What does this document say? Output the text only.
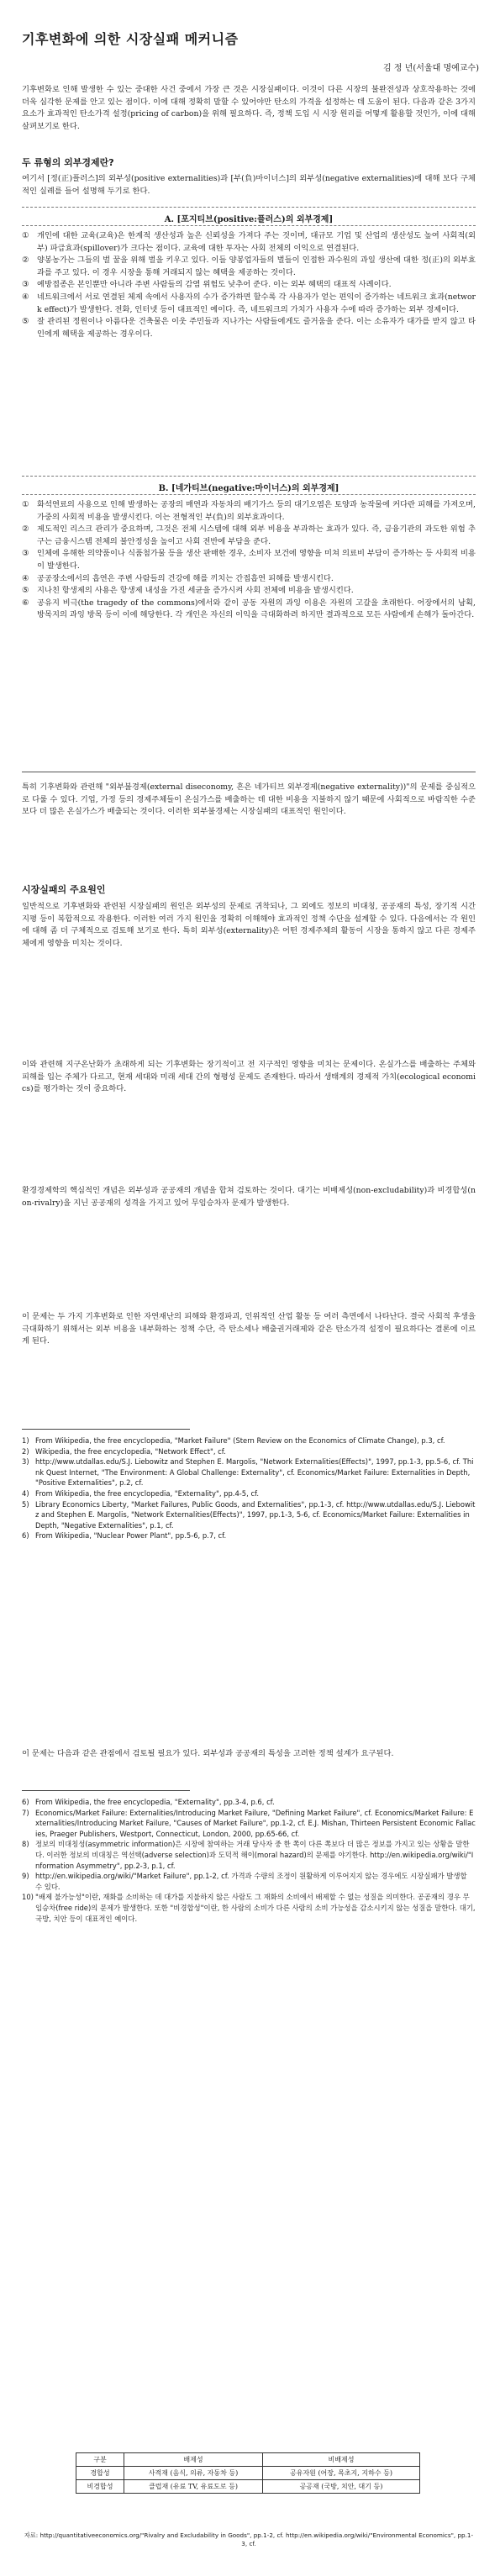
기후변화에 의한 시장실패 메커니즘
김 정 년(서울대 명예교수)
기후변화로 인해 발생한 수 있는 중대한 사건 중에서 가장 큰 것은 시장실패이다. 이것이 다른 시장의 불완전성과 상호작용하는 것에 더욱 심각한 문제를 안고 있는 점이다. 이에 대해 정확히 말할 수 있어야만 탄소의 가격을 설정하는 데 도움이 된다. 다음과 같은 3가지 요소가 효과적인 탄소가격 설정(pricing of carbon)을 위해 필요하다. 즉, 정책 도입 시 시장 원리를 어떻게 활용할 것인가, 이에 대해 살펴보기로 한다.
두 류형의 외부경제란?
여기서 [정(正)플러스]의 외부성(positive externalities)과 [부(負)마이너스]의 외부성(negative externalities)에 대해 보다 구체적인 실례를 들어 설명해 두기로 한다.
A. [포지티브(positive:플러스)의 외부경제]
① 개인에 대한 교육(교육)은 한계적 생산성과 높은 신뢰성을 가져다 주는 것이며, 대규모 기업 및 산업의 생산성도 높여 사회적(외부) 파급효과(spillover)가 크다는 점이다. 교육에 대한 투자는 사회 전체의 이익으로 연결된다.
② 양봉농가는 그들의 벌 꿀을 위해 벌을 키우고 있다. 이들 양봉업자들의 벌들이 인접한 과수원의 과일 생산에 대한 정(正)의 외부효과를 주고 있다. 이 경우 시장을 통해 거래되지 않는 혜택을 제공하는 것이다.
③ 예방접종은 본인뿐만 아니라 주변 사람들의 감염 위험도 낮추어 준다. 이는 외부 혜택의 대표적 사례이다.
④ 네트워크에서 서로 연결된 체제 속에서 사용자의 수가 증가하면 할수록 각 사용자가 얻는 편익이 증가하는 네트워크 효과(network effect)가 발생한다. 전화, 인터넷 등이 대표적인 예이다. 즉, 네트워크의 가치가 사용자 수에 따라 증가하는 외부 경제이다.
⑤ 잘 관리된 정원이나 아름다운 건축물은 이웃 주민들과 지나가는 사람들에게도 즐거움을 준다. 이는 소유자가 대가를 받지 않고 타인에게 혜택을 제공하는 경우이다.
B. [네가티브(negative:마이너스)의 외부경제]
① 화석연료의 사용으로 인해 발생하는 공장의 매연과 자동차의 배기가스 등의 대기오염은 토양과 농작물에 커다란 피해를 가져오며, 가중의 사회적 비용을 발생시킨다. 이는 전형적인 부(負)의 외부효과이다.
② 제도적인 리스크 관리가 중요하며, 그것은 전체 시스템에 대해 외부 비용을 부과하는 효과가 있다. 즉, 금융기관의 과도한 위험 추구는 금융시스템 전체의 불안정성을 높이고 사회 전반에 부담을 준다.
③ 인체에 유해한 의약품이나 식품첨가물 등을 생산 판매한 경우, 소비자 보건에 영향을 미쳐 의료비 부담이 증가하는 등 사회적 비용이 발생한다.
④ 공공장소에서의 흡연은 주변 사람들의 건강에 해를 끼치는 간접흡연 피해를 발생시킨다.
⑤ 지나친 항생제의 사용은 항생제 내성을 가진 세균을 증가시켜 사회 전체에 비용을 발생시킨다.
⑥ 공유지 비극(the tragedy of the commons)에서와 같이 공동 자원의 과잉 이용은 자원의 고갈을 초래한다. 어장에서의 남획, 방목지의 과잉 방목 등이 이에 해당한다. 각 개인은 자신의 이익을 극대화하려 하지만 결과적으로 모든 사람에게 손해가 돌아간다.
특히 기후변화와 관련해 "외부불경제(external diseconomy, 흔은 네가티브 외부경제(negative externality))"의 문제를 중심적으로 다룰 수 있다. 기업, 가정 등의 경제주체들이 온실가스를 배출하는 데 대한 비용을 지불하지 않기 때문에 사회적으로 바람직한 수준보다 더 많은 온실가스가 배출되는 것이다. 이러한 외부불경제는 시장실패의 대표적인 원인이다.
시장실패의 주요원인
일반적으로 기후변화와 관련된 시장실패의 원인은 외부성의 문제로 귀착되나, 그 외에도 정보의 비대칭, 공공재의 특성, 장기적 시간 지평 등이 복합적으로 작용한다. 이러한 여러 가지 원인을 정확히 이해해야 효과적인 정책 수단을 설계할 수 있다. 다음에서는 각 원인에 대해 좀 더 구체적으로 검토해 보기로 한다. 특히 외부성(externality)은 어떤 경제주체의 활동이 시장을 통하지 않고 다른 경제주체에게 영향을 미치는 것이다.
이와 관련해 지구온난화가 초래하게 되는 기후변화는 장기적이고 전 지구적인 영향을 미치는 문제이다. 온실가스를 배출하는 주체와 피해를 입는 주체가 다르고, 현재 세대와 미래 세대 간의 형평성 문제도 존재한다. 따라서 생태계의 경제적 가치(ecological economics)를 평가하는 것이 중요하다.
환경경제학의 핵심적인 개념은 외부성과 공공재의 개념을 합쳐 검토하는 것이다. 대기는 비배제성(non-excludability)과 비경합성(non-rivalry)을 지닌 공공재의 성격을 가지고 있어 무임승차자 문제가 발생한다.
이 문제는 두 가지 기후변화로 인한 자연재난의 피해와 환경파괴, 인위적인 산업 활동 등 여러 측면에서 나타난다. 결국 사회적 후생을 극대화하기 위해서는 외부 비용을 내부화하는 정책 수단, 즉 탄소세나 배출권거래제와 같은 탄소가격 설정이 필요하다는 결론에 이르게 된다.
1) From Wikipedia, the free encyclopedia, "Market Failure" (Stern Review on the Economics of Climate Change), p.3, cf.
2) Wikipedia, the free encyclopedia, "Network Effect", cf.
3) http://www.utdallas.edu/S.J. Liebowitz and Stephen E. Margolis, "Network Externalities(Effects)", 1997, pp.1-3, pp.5-6, cf. Think Quest Internet, "The Environment: A Global Challenge: Externality", cf. Economics/Market Failure: Externalities in Depth, "Positive Externalities", p.2, cf.
4) From Wikipedia, the free encyclopedia, "Externality", pp.4-5, cf.
5) Library Economics Liberty, "Market Failures, Public Goods, and Externalities", pp.1-3, cf. http://www.utdallas.edu/S.J. Liebowitz and Stephen E. Margolis, "Network Externalities(Effects)", 1997, pp.1-3, 5-6, cf. Economics/Market Failure: Externalities in Depth, "Negative Externalities", p.1, cf.
6) From Wikipedia, "Nuclear Power Plant", pp.5-6, p.7, cf.
이 문제는 다음과 같은 관점에서 검토될 필요가 있다. 외부성과 공공재의 특성을 고려한 정책 설계가 요구된다.
6) From Wikipedia, the free encyclopedia, "Externality", pp.3-4, p.6, cf.
7) Economics/Market Failure: Externalities/Introducing Market Failure, "Defining Market Failure", cf. Economics/Market Failure: Externalities/Introducing Market Failure, "Causes of Market Failure", pp.1-2, cf. E.J. Mishan, Thirteen Persistent Economic Fallacies, Praeger Publishers, Westport, Connecticut, London, 2000, pp.65-66, cf.
8) 정보의 비대칭성(asymmetric information)은 시장에 참여하는 거래 당사자 중 한 쪽이 다른 쪽보다 더 많은 정보를 가지고 있는 상황을 말한다. 이러한 정보의 비대칭은 역선택(adverse selection)과 도덕적 해이(moral hazard)의 문제를 야기한다. http://en.wikipedia.org/wiki/"Information Asymmetry", pp.2-3, p.1, cf.
9) http://en.wikipedia.org/wiki/"Market Failure", pp.1-2, cf. 가격과 수량의 조정이 원활하게 이루어지지 않는 경우에도 시장실패가 발생할 수 있다.
10) "배제 불가능성"이란, 재화를 소비하는 데 대가를 지불하지 않은 사람도 그 재화의 소비에서 배제할 수 없는 성질을 의미한다. 공공재의 경우 무임승차(free ride)의 문제가 발생한다. 또한 "비경합성"이란, 한 사람의 소비가 다른 사람의 소비 가능성을 감소시키지 않는 성질을 말한다. 대기, 국방, 치안 등이 대표적인 예이다.
구분	배제성	비배제성
경합성	사적재 (음식, 의류, 자동차 등)	공유자원 (어장, 목초지, 지하수 등)
비경합성	클럽재 (유료 TV, 유료도로 등)	공공재 (국방, 치안, 대기 등)
자료: http://quantitativeeconomics.org/"Rivalry and Excludability in Goods", pp.1-2, cf. http://en.wikipedia.org/wiki/"Environmental Economics", pp.1-3, cf.
